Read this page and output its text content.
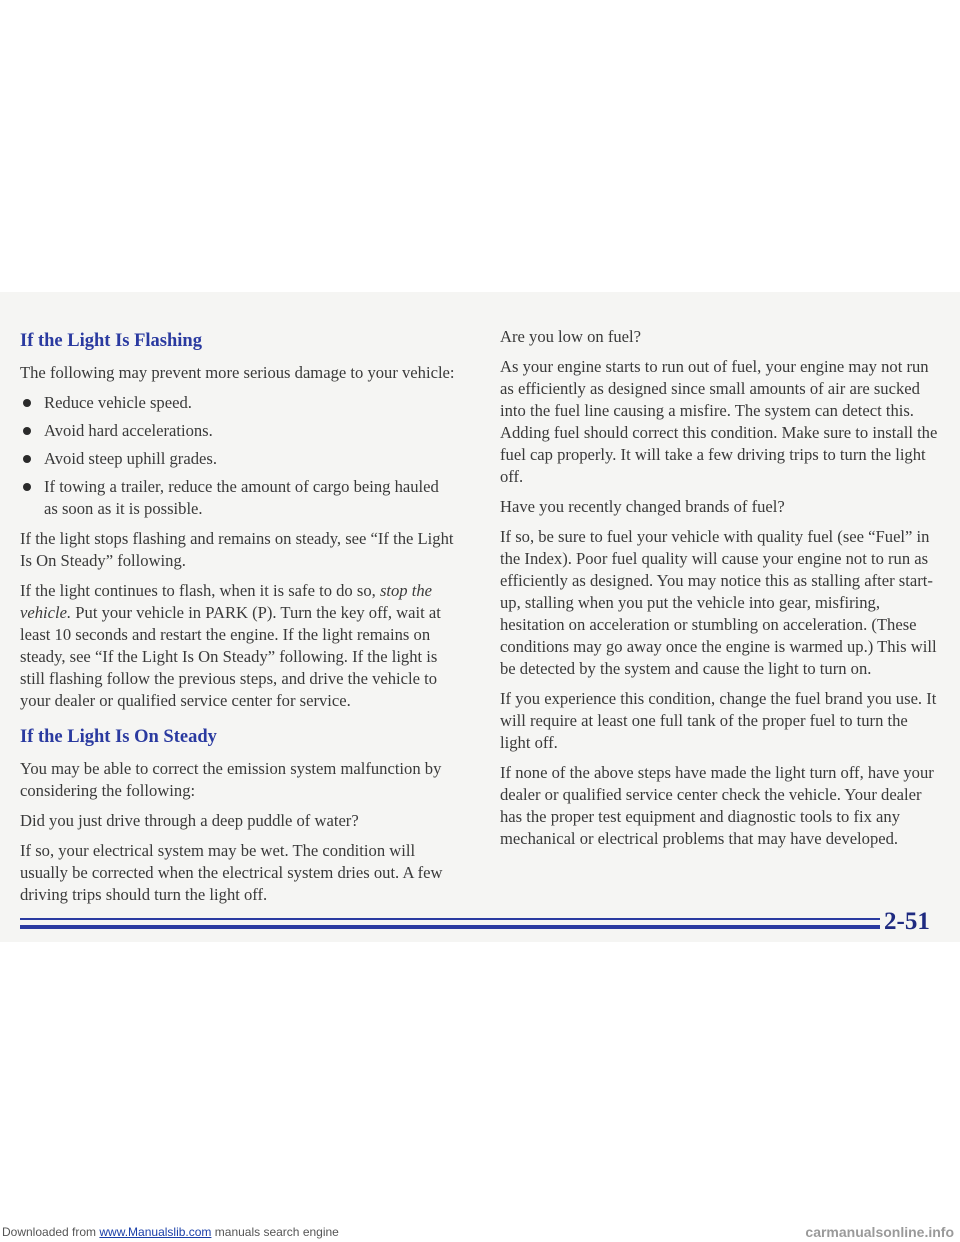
If the Light Is Flashing

The following may prevent more serious damage to your vehicle:

Reduce vehicle speed.
Avoid hard accelerations.
Avoid steep uphill grades.
If towing a trailer, reduce the amount of cargo being hauled as soon as it is possible.

If the light stops flashing and remains on steady, see “If the Light Is On Steady” following.

If the light continues to flash, when it is safe to do so, stop the vehicle. Put your vehicle in PARK (P). Turn the key off, wait at least 10 seconds and restart the engine. If the light remains on steady, see “If the Light Is On Steady” following. If the light is still flashing follow the previous steps, and drive the vehicle to your dealer or qualified service center for service.

If the Light Is On Steady

You may be able to correct the emission system malfunction by considering the following:

Did you just drive through a deep puddle of water?

If so, your electrical system may be wet. The condition will usually be corrected when the electrical system dries out. A few driving trips should turn the light off.

Are you low on fuel?

As your engine starts to run out of fuel, your engine may not run as efficiently as designed since small amounts of air are sucked into the fuel line causing a misfire. The system can detect this. Adding fuel should correct this condition. Make sure to install the fuel cap properly. It will take a few driving trips to turn the light off.

Have you recently changed brands of fuel?

If so, be sure to fuel your vehicle with quality fuel (see “Fuel” in the Index). Poor fuel quality will cause your engine not to run as efficiently as designed. You may notice this as stalling after start-up, stalling when you put the vehicle into gear, misfiring, hesitation on acceleration or stumbling on acceleration. (These conditions may go away once the engine is warmed up.) This will be detected by the system and cause the light to turn on.

If you experience this condition, change the fuel brand you use. It will require at least one full tank of the proper fuel to turn the light off.

If none of the above steps have made the light turn off, have your dealer or qualified service center check the vehicle. Your dealer has the proper test equipment and diagnostic tools to fix any mechanical or electrical problems that may have developed.

2-51
Downloaded from www.Manualslib.com manuals search engine	carmanualsonline.info
